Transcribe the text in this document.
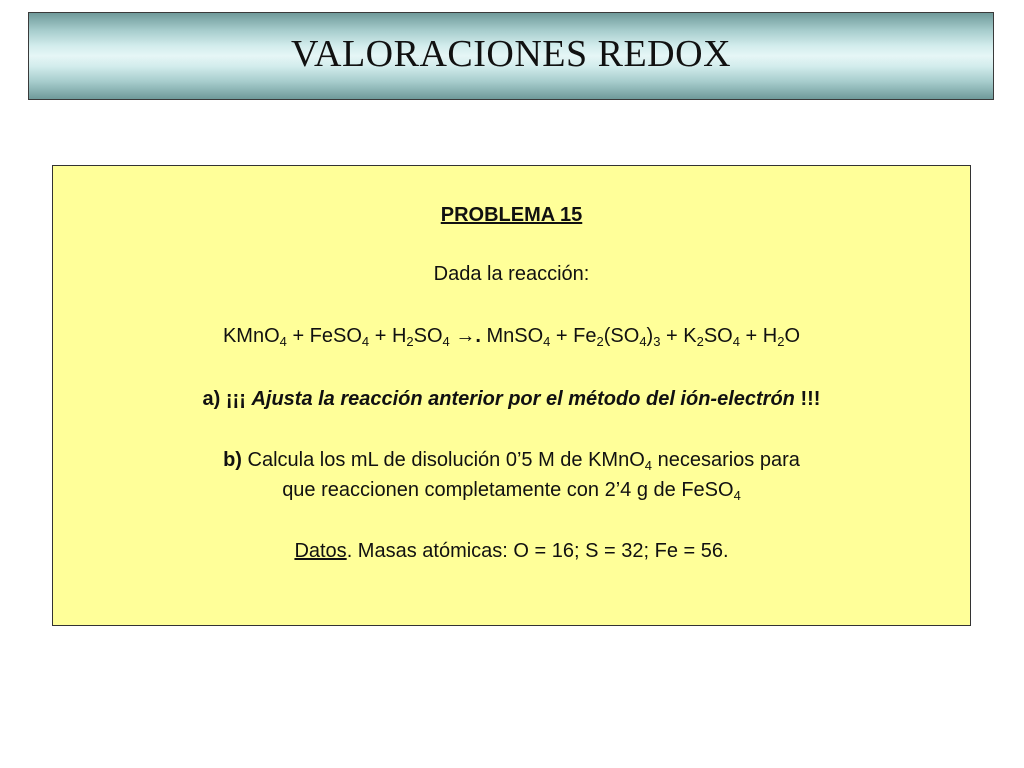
VALORACIONES REDOX
PROBLEMA 15
Dada la reacción:
KMnO$_4$ + FeSO$_4$ + $H_2SO_4$ →. MnSO$_4$ + $Fe_2(SO_4)_3 + K_2SO_4 + H_2O$
a) ¡¡¡ Ajusta la reacción anterior por el método del ión-electrón !!!
b) Calcula los mL de disolución 0’5 M de KMnO$_4$ necesarios para
que reaccionen completamente con 2’4 g de FeSO$_4$
Datos. Masas atómicas: O = 16; S = 32; Fe = 56.
